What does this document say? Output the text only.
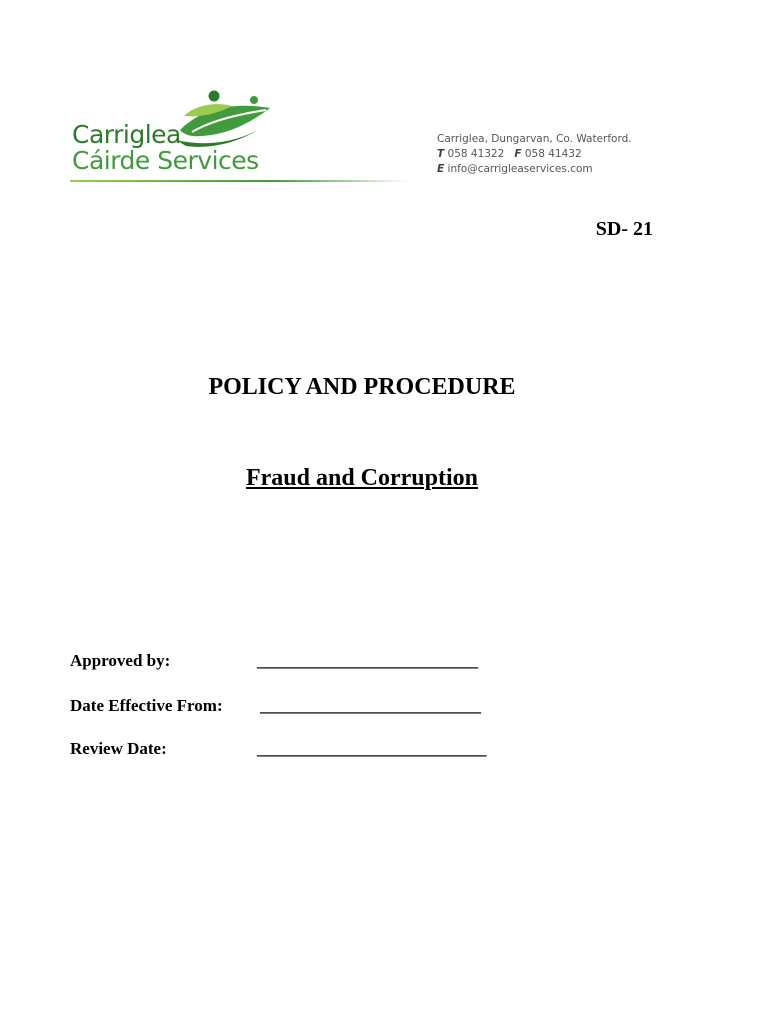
Carriglea
Cáirde Services
Carriglea, Dungarvan, Co. Waterford.
T 058 41322 F 058 41432
E info@carrigleaservices.com
SD- 21
POLICY AND PROCEDURE
Fraud and Corruption
Approved by:	__________________________
Date Effective From: __________________________
Review Date:	___________________________
